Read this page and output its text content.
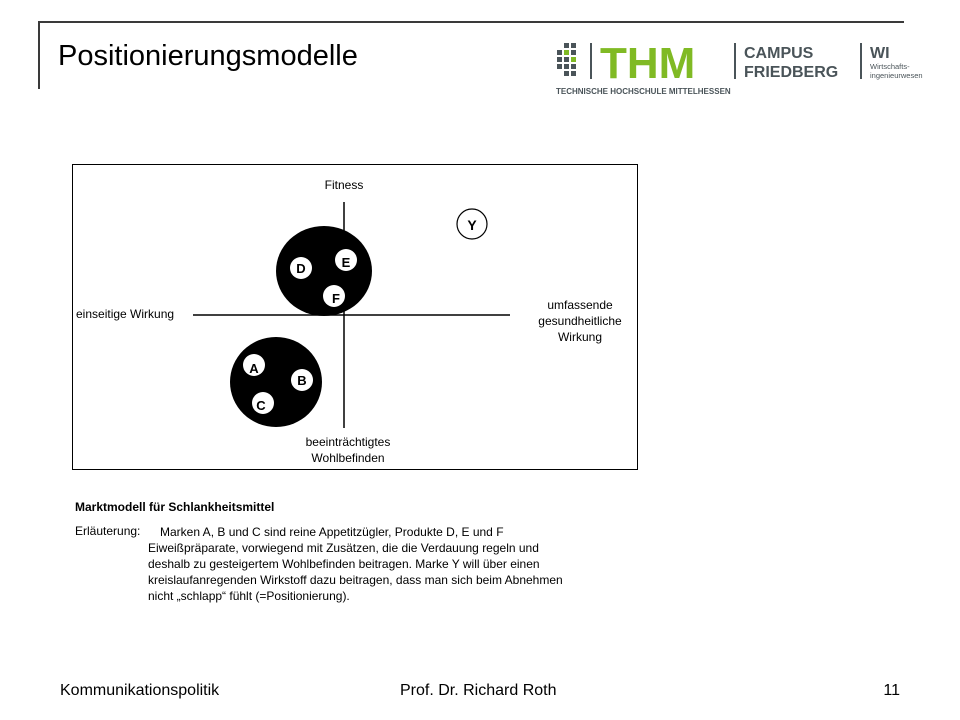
Positionierungsmodelle	THM	CAMPUS
FRIEDBERG
WI
Wirtschafts-
ingenieurwesen
TECHNISCHE HOCHSCHULE MITTELHESSEN
D	E
F
A
B
C
Y
Fitness
einseitige Wirkung
umfassende
gesundheitliche
Wirkung
beeinträchtigtes
Wohlbefinden
Marktmodell für Schlankheitsmittel
Erläuterung: Marken A, B und C sind reine Appetitzügler, Produkte D, E und F
Eiweißpräparate, vorwiegend mit Zusätzen, die die Verdauung regeln und
deshalb zu gesteigertem Wohlbefinden beitragen. Marke Y will über einen
kreislaufanregenden Wirkstoff dazu beitragen, dass man sich beim Abnehmen
nicht „schlapp“ fühlt (=Positionierung).
Kommunikationspolitik	Prof. Dr. Richard Roth	11
